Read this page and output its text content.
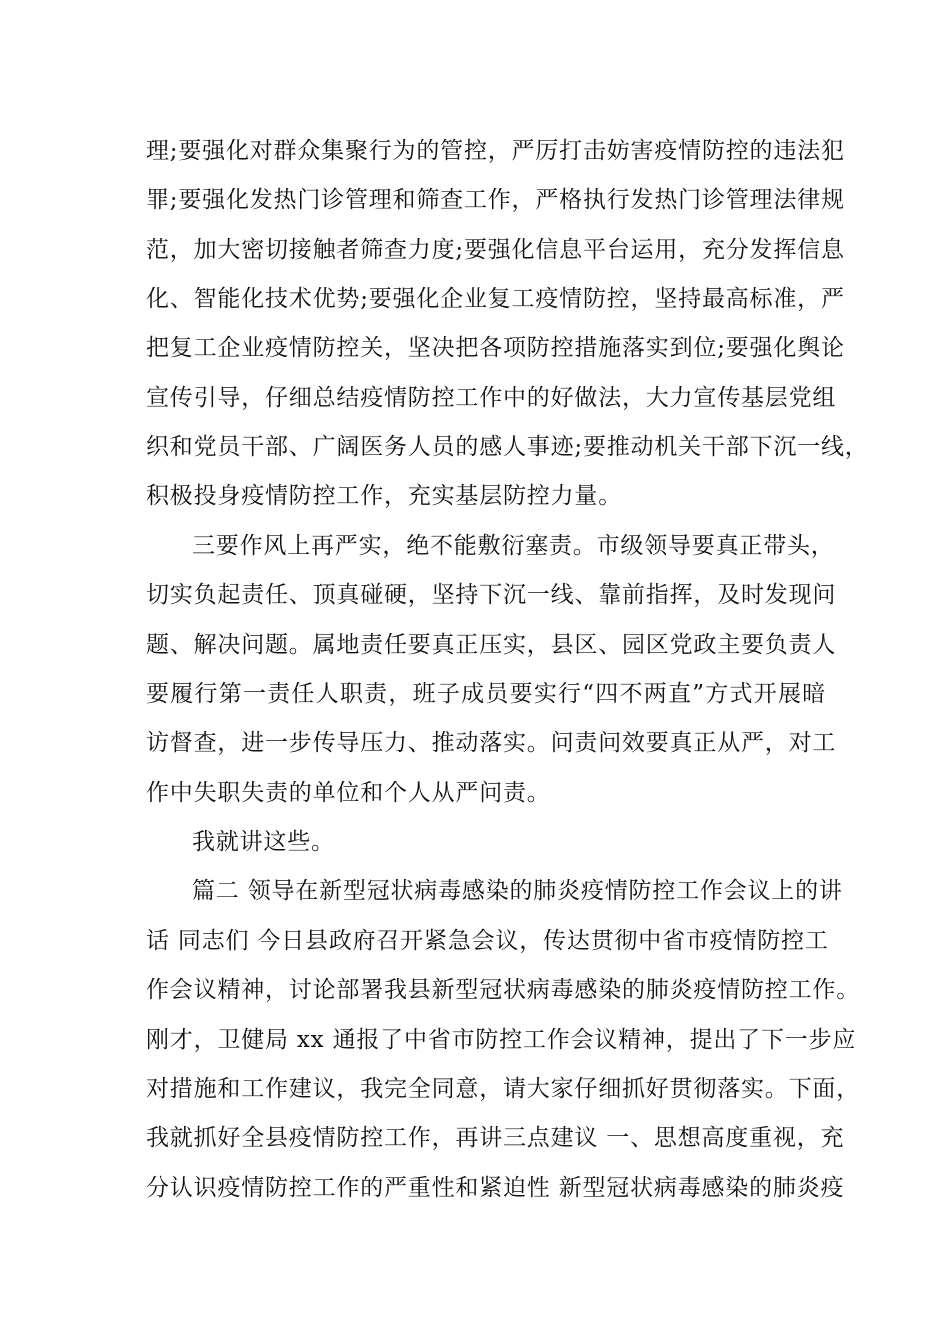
理;要强化对群众集聚行为的管控，严厉打击妨害疫情防控的违法犯
罪;要强化发热门诊管理和筛查工作，严格执行发热门诊管理法律规
范，加大密切接触者筛查力度;要强化信息平台运用，充分发挥信息
化、智能化技术优势;要强化企业复工疫情防控，坚持最高标准，严
把复工企业疫情防控关，坚决把各项防控措施落实到位;要强化舆论
宣传引导，仔细总结疫情防控工作中的好做法，大力宣传基层党组
织和党员干部、广阔医务人员的感人事迹;要推动机关干部下沉一线，
积极投身疫情防控工作，充实基层防控力量。
三要作风上再严实，绝不能敷衍塞责。市级领导要真正带头，
切实负起责任、顶真碰硬，坚持下沉一线、靠前指挥，及时发现问
题、解决问题。属地责任要真正压实，县区、园区党政主要负责人
要履行第一责任人职责，班子成员要实行“四不两直”方式开展暗
访督查，进一步传导压力、推动落实。问责问效要真正从严，对工
作中失职失责的单位和个人从严问责。
我就讲这些。
篇二 领导在新型冠状病毒感染的肺炎疫情防控工作会议上的讲
话 同志们 今日县政府召开紧急会议，传达贯彻中省市疫情防控工
作会议精神，讨论部署我县新型冠状病毒感染的肺炎疫情防控工作。
刚才，卫健局 xx 通报了中省市防控工作会议精神，提出了下一步应
对措施和工作建议，我完全同意，请大家仔细抓好贯彻落实。下面，
我就抓好全县疫情防控工作，再讲三点建议 一、思想高度重视，充
分认识疫情防控工作的严重性和紧迫性 新型冠状病毒感染的肺炎疫
